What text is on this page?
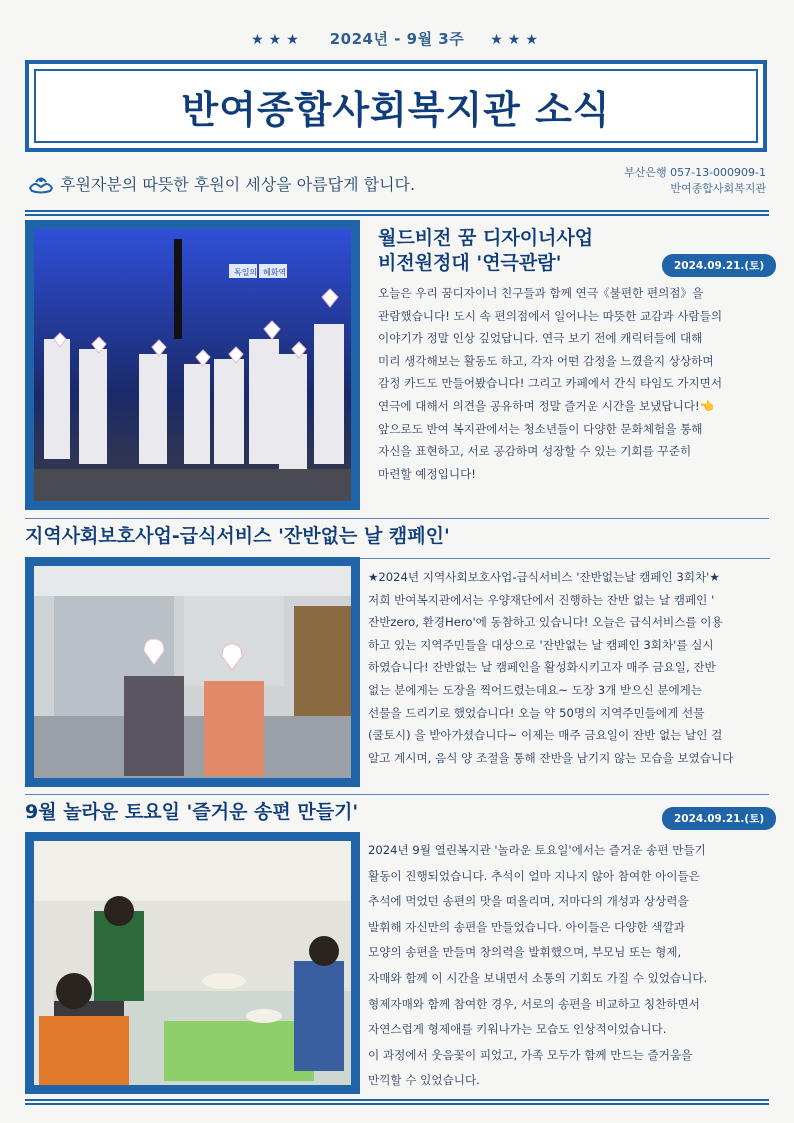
★★★ 2024년 - 9월 3주 ★★★
반여종합사회복지관 소식
후원자분의 따뜻한 후원이 세상을 아름답게 합니다.
부산은행 057-13-000909-1
반여종합사회복지관
독일의 혜화역
월드비전 꿈 디자이너사업
비전원정대 '연극관람'	2024.09.21.(토)
오늘은 우리 꿈디자이너 친구들과 함께 연극《불편한 편의점》을
관람했습니다! 도시 속 편의점에서 일어나는 따뜻한 교감과 사람들의
이야기가 정말 인상 깊었답니다. 연극 보기 전에 캐릭터들에 대해
미리 생각해보는 활동도 하고, 각자 어떤 감정을 느꼈을지 상상하며
감정 카드도 만들어봤습니다! 그리고 카페에서 간식 타임도 가지면서
연극에 대해서 의견을 공유하며 정말 즐거운 시간을 보냈답니다!👈
앞으로도 반여 복지관에서는 청소년들이 다양한 문화체험을 통해
자신을 표현하고, 서로 공감하며 성장할 수 있는 기회를 꾸준히
마련할 예정입니다!
지역사회보호사업-급식서비스 '잔반없는 날 캠페인'
★2024년 지역사회보호사업-급식서비스 '잔반없는날 캠페인 3회차'★
저희 반여복지관에서는 우양재단에서 진행하는 잔반 없는 날 캠페인 '
잔반zero, 환경Hero'에 동참하고 있습니다! 오늘은 급식서비스를 이용
하고 있는 지역주민들을 대상으로 '잔반없는 날 캠페인 3회차'를 실시
하였습니다! 잔반없는 날 캠페인을 활성화시키고자 매주 금요일, 잔반
없는 분에게는 도장을 찍어드렸는데요~ 도장 3개 받으신 분에게는
선물을 드리기로 했었습니다! 오늘 약 50명의 지역주민들에게 선물
(쿨토시) 을 받아가셨습니다~ 이제는 매주 금요일이 잔반 없는 날인 걸
알고 계시며, 음식 양 조절을 통해 잔반을 남기지 않는 모습을 보였습니다
9월 놀라운 토요일 '즐거운 송편 만들기'	2024.09.21.(토)
2024년 9월 열린복지관 '놀라운 토요일'에서는 즐거운 송편 만들기
활동이 진행되었습니다. 추석이 얼마 지나지 않아 참여한 아이들은
추석에 먹었던 송편의 맛을 떠올리며, 저마다의 개성과 상상력을
발휘해 자신만의 송편을 만들었습니다. 아이들은 다양한 색깔과
모양의 송편을 만들며 창의력을 발휘했으며, 부모님 또는 형제,
자매와 함께 이 시간을 보내면서 소통의 기회도 가질 수 있었습니다.
형제자매와 함께 참여한 경우, 서로의 송편을 비교하고 칭찬하면서
자연스럽게 형제애를 키워나가는 모습도 인상적이었습니다.
이 과정에서 웃음꽃이 피었고, 가족 모두가 함께 만드는 즐거움을
만끽할 수 있었습니다.
